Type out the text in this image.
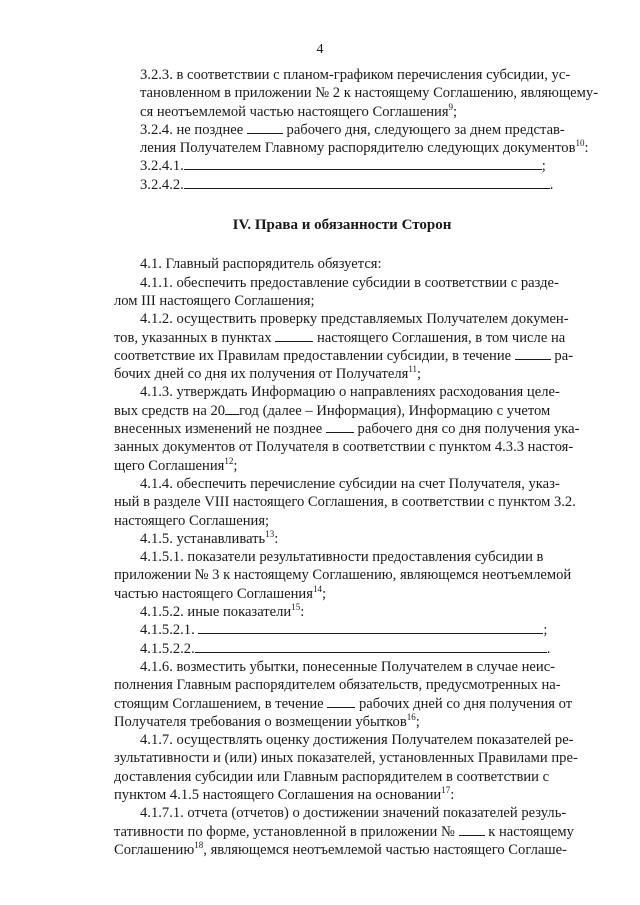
4
3.2.3. в соответствии с планом-графиком перечисления субсидии, ус-
тановленном в приложении № 2 к настоящему Соглашению, являющему-
ся неотъемлемой частью настоящего Соглашения$^9$;
3.2.4. не позднее	рабочего дня, следующего за днем представ-
ления Получателем Главному распорядителю следующих документов$^{10}$:
3.2.4.1.	;
3.2.4.2.	.
IV. Права и обязанности Сторон
4.1. Главный распорядитель обязуется:
4.1.1. обеспечить предоставление субсидии в соответствии с разде-
лом III настоящего Соглашения;
4.1.2. осуществить проверку представляемых Получателем докумен-
тов, указанных в пунктах	настоящего Соглашения, в том числе на
соответствие их Правилам предоставлении субсидии, в течение	ра-
бочих дней со дня их получения от Получателя$^{11}$;
4.1.3. утверждать Информацию о направлениях расходования целе-
вых средств на 20 год (далее – Информация), Информацию с учетом
внесенных изменений не позднее рабочего дня со дня получения ука-
занных документов от Получателя в соответствии с пунктом 4.3.3 настоя-
щего Соглашения$^{12}$;
4.1.4. обеспечить перечисление субсидии на счет Получателя, указ-
ный в разделе VIII настоящего Соглашения, в соответствии с пунктом 3.2.
настоящего Соглашения;
4.1.5. устанавливать$^{13}$:
4.1.5.1. показатели результативности предоставления субсидии в
приложении № 3 к настоящему Соглашению, являющемся неотъемлемой
частью настоящего Соглашения$^{14}$;
4.1.5.2. иные показатели$^{15}$:
4.1.5.2.1.	;
4.1.5.2.2.	.
4.1.6. возместить убытки, понесенные Получателем в случае неис-
полнения Главным распорядителем обязательств, предусмотренных на-
стоящим Соглашением, в течение рабочих дней со дня получения от
Получателя требования о возмещении убытков$^{16}$;
4.1.7. осуществлять оценку достижения Получателем показателей ре-
зультативности и (или) иных показателей, установленных Правилами пре-
доставления субсидии или Главным распорядителем в соответствии с
пунктом 4.1.5 настоящего Соглашения на основании$^{17}$:
4.1.7.1. отчета (отчетов) о достижении значений показателей резуль-
тативности по форме, установленной в приложении № к настоящему
Соглашению$^{18}$, являющемся неотъемлемой частью настоящего Соглаше-
